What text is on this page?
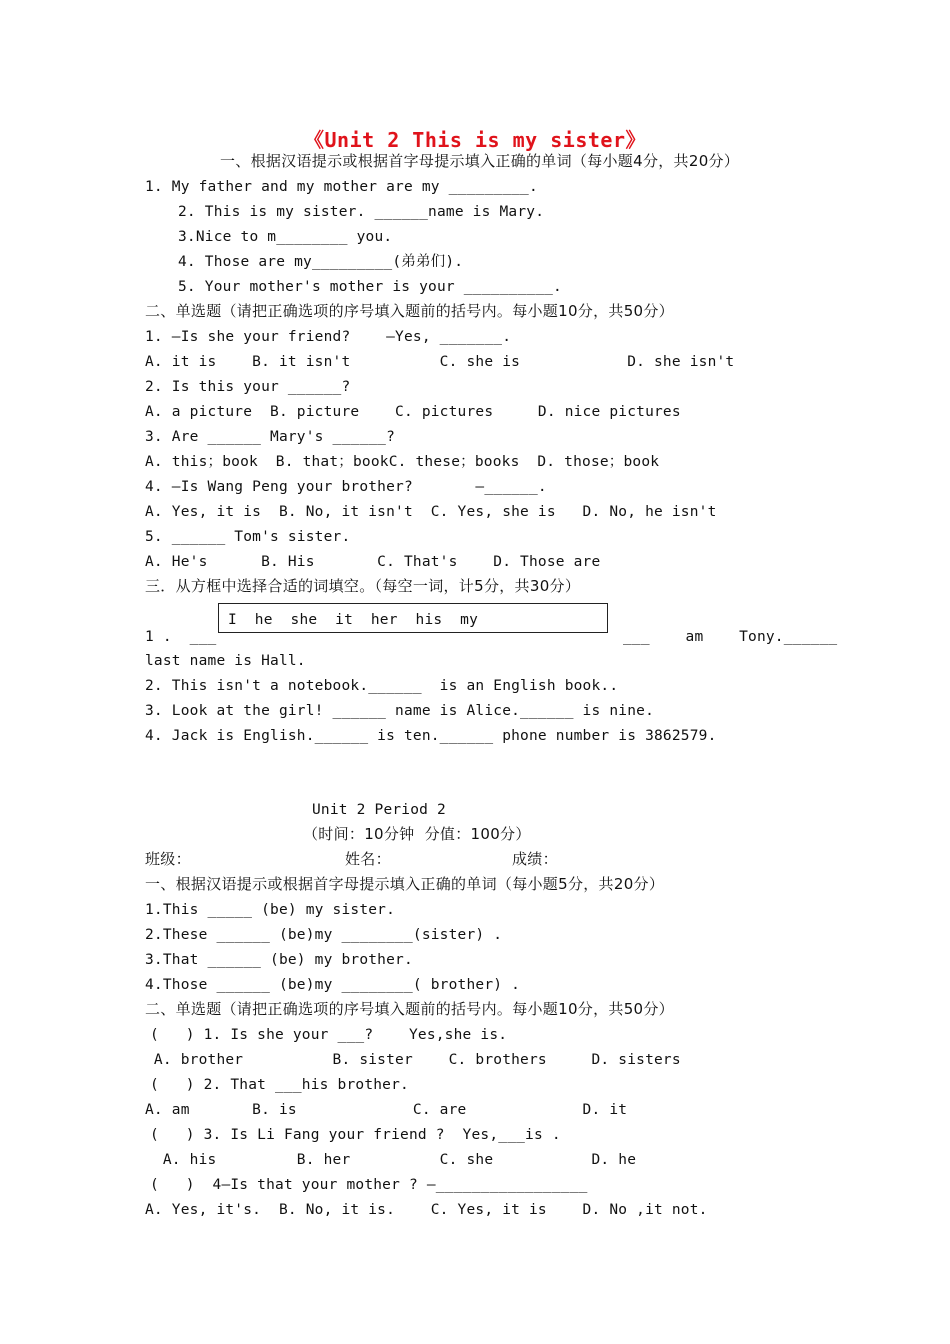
《Unit 2 This is my sister》
一、根据汉语提示或根据首字母提示填入正确的单词（每小题4分，共20分）
1. My father and my mother are my _________.
2. This is my sister. ______name is Mary.
3.Nice to m________ you.
4. Those are my_________(弟弟们).
5. Your mother's mother is your __________.
二、单选题（请把正确选项的序号填入题前的括号内。每小题10分，共50分）
1. —Is she your friend?    —Yes, _______.
A. it is    B. it isn't          C. she is            D. she isn't
2. Is this your ______?
A. a picture  B. picture    C. pictures     D. nice pictures
3. Are ______ Mary's ______?
A. this；book  B. that；bookC. these；books  D. those；book
4. —Is Wang Peng your brother?       —______.
A. Yes, it is  B. No, it isn't  C. Yes, she is   D. No, he isn't
5. ______ Tom's sister.
A. He's      B. His       C. That's    D. Those are
三．从方框中选择合适的词填空。（每空一词，计5分，共30分）
I  he  she  it  her  his  my
1 .  ___	___    am    Tony.______
last name is Hall.
2. This isn't a notebook.______  is an English book..
3. Look at the girl! ______ name is Alice.______ is nine.
4. Jack is English.______ is ten.______ phone number is 3862579.
Unit 2 Period 2
（时间：10分钟  分值：100分）
班级：	姓名：	成绩：
一、根据汉语提示或根据首字母提示填入正确的单词（每小题5分，共20分）
1.This _____ (be) my sister.
2.These ______ (be)my ________(sister) .
3.That ______ (be) my brother.
4.Those ______ (be)my ________( brother) .
二、单选题（请把正确选项的序号填入题前的括号内。每小题10分，共50分）
(   ) 1. Is she your ___?    Yes,she is.
A. brother          B. sister    C. brothers     D. sisters
(   ) 2. That ___his brother.
A. am       B. is             C. are             D. it
(   ) 3. Is Li Fang your friend ?  Yes,___is .
A. his         B. her          C. she           D. he
(   )  4—Is that your mother ? —_________________
A. Yes, it's.  B. No, it is.    C. Yes, it is    D. No ,it not.
